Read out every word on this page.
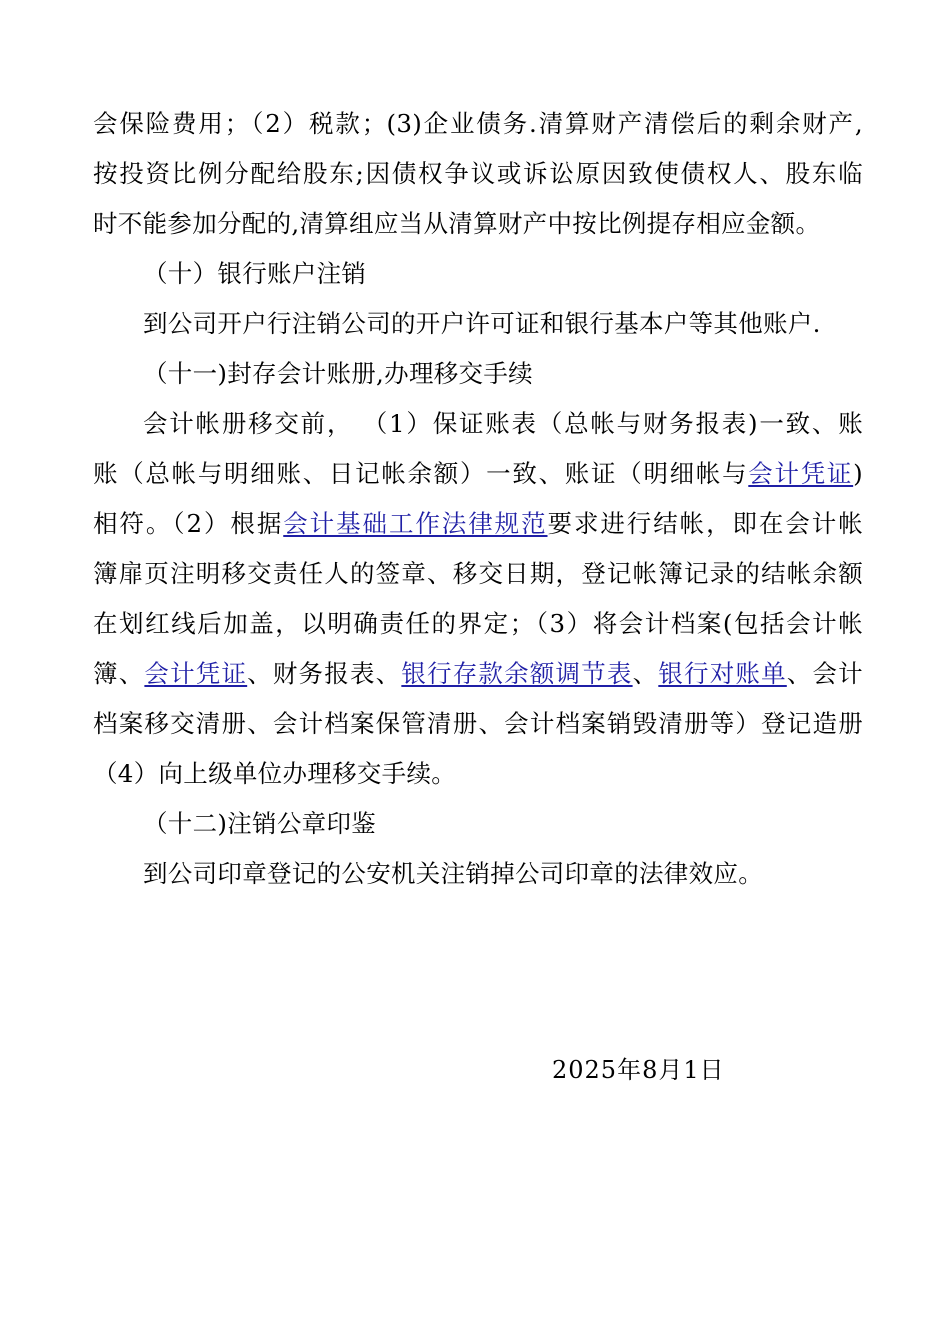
会保险费用；（2）税款；(3)企业债务.清算财产清偿后的剩余财产,
按投资比例分配给股东;因债权争议或诉讼原因致使债权人、股东临
时不能参加分配的,清算组应当从清算财产中按比例提存相应金额。
（十）银行账户注销
到公司开户行注销公司的开户许可证和银行基本户等其他账户.
（十一)封存会计账册,办理移交手续
会计帐册移交前， （1）保证账表（总帐与财务报表)一致、账
账（总帐与明细账、日记帐余额）一致、账证（明细帐与会计凭证)
相符。（2）根据会计基础工作法律规范要求进行结帐，即在会计帐
簿扉页注明移交责任人的签章、移交日期，登记帐簿记录的结帐余额
在划红线后加盖，以明确责任的界定；（3）将会计档案(包括会计帐
簿、会计凭证、财务报表、银行存款余额调节表、银行对账单、会计
档案移交清册、会计档案保管清册、会计档案销毁清册等）登记造册
（4）向上级单位办理移交手续。
（十二)注销公章印鉴
到公司印章登记的公安机关注销掉公司印章的法律效应。
2025年8月1日
